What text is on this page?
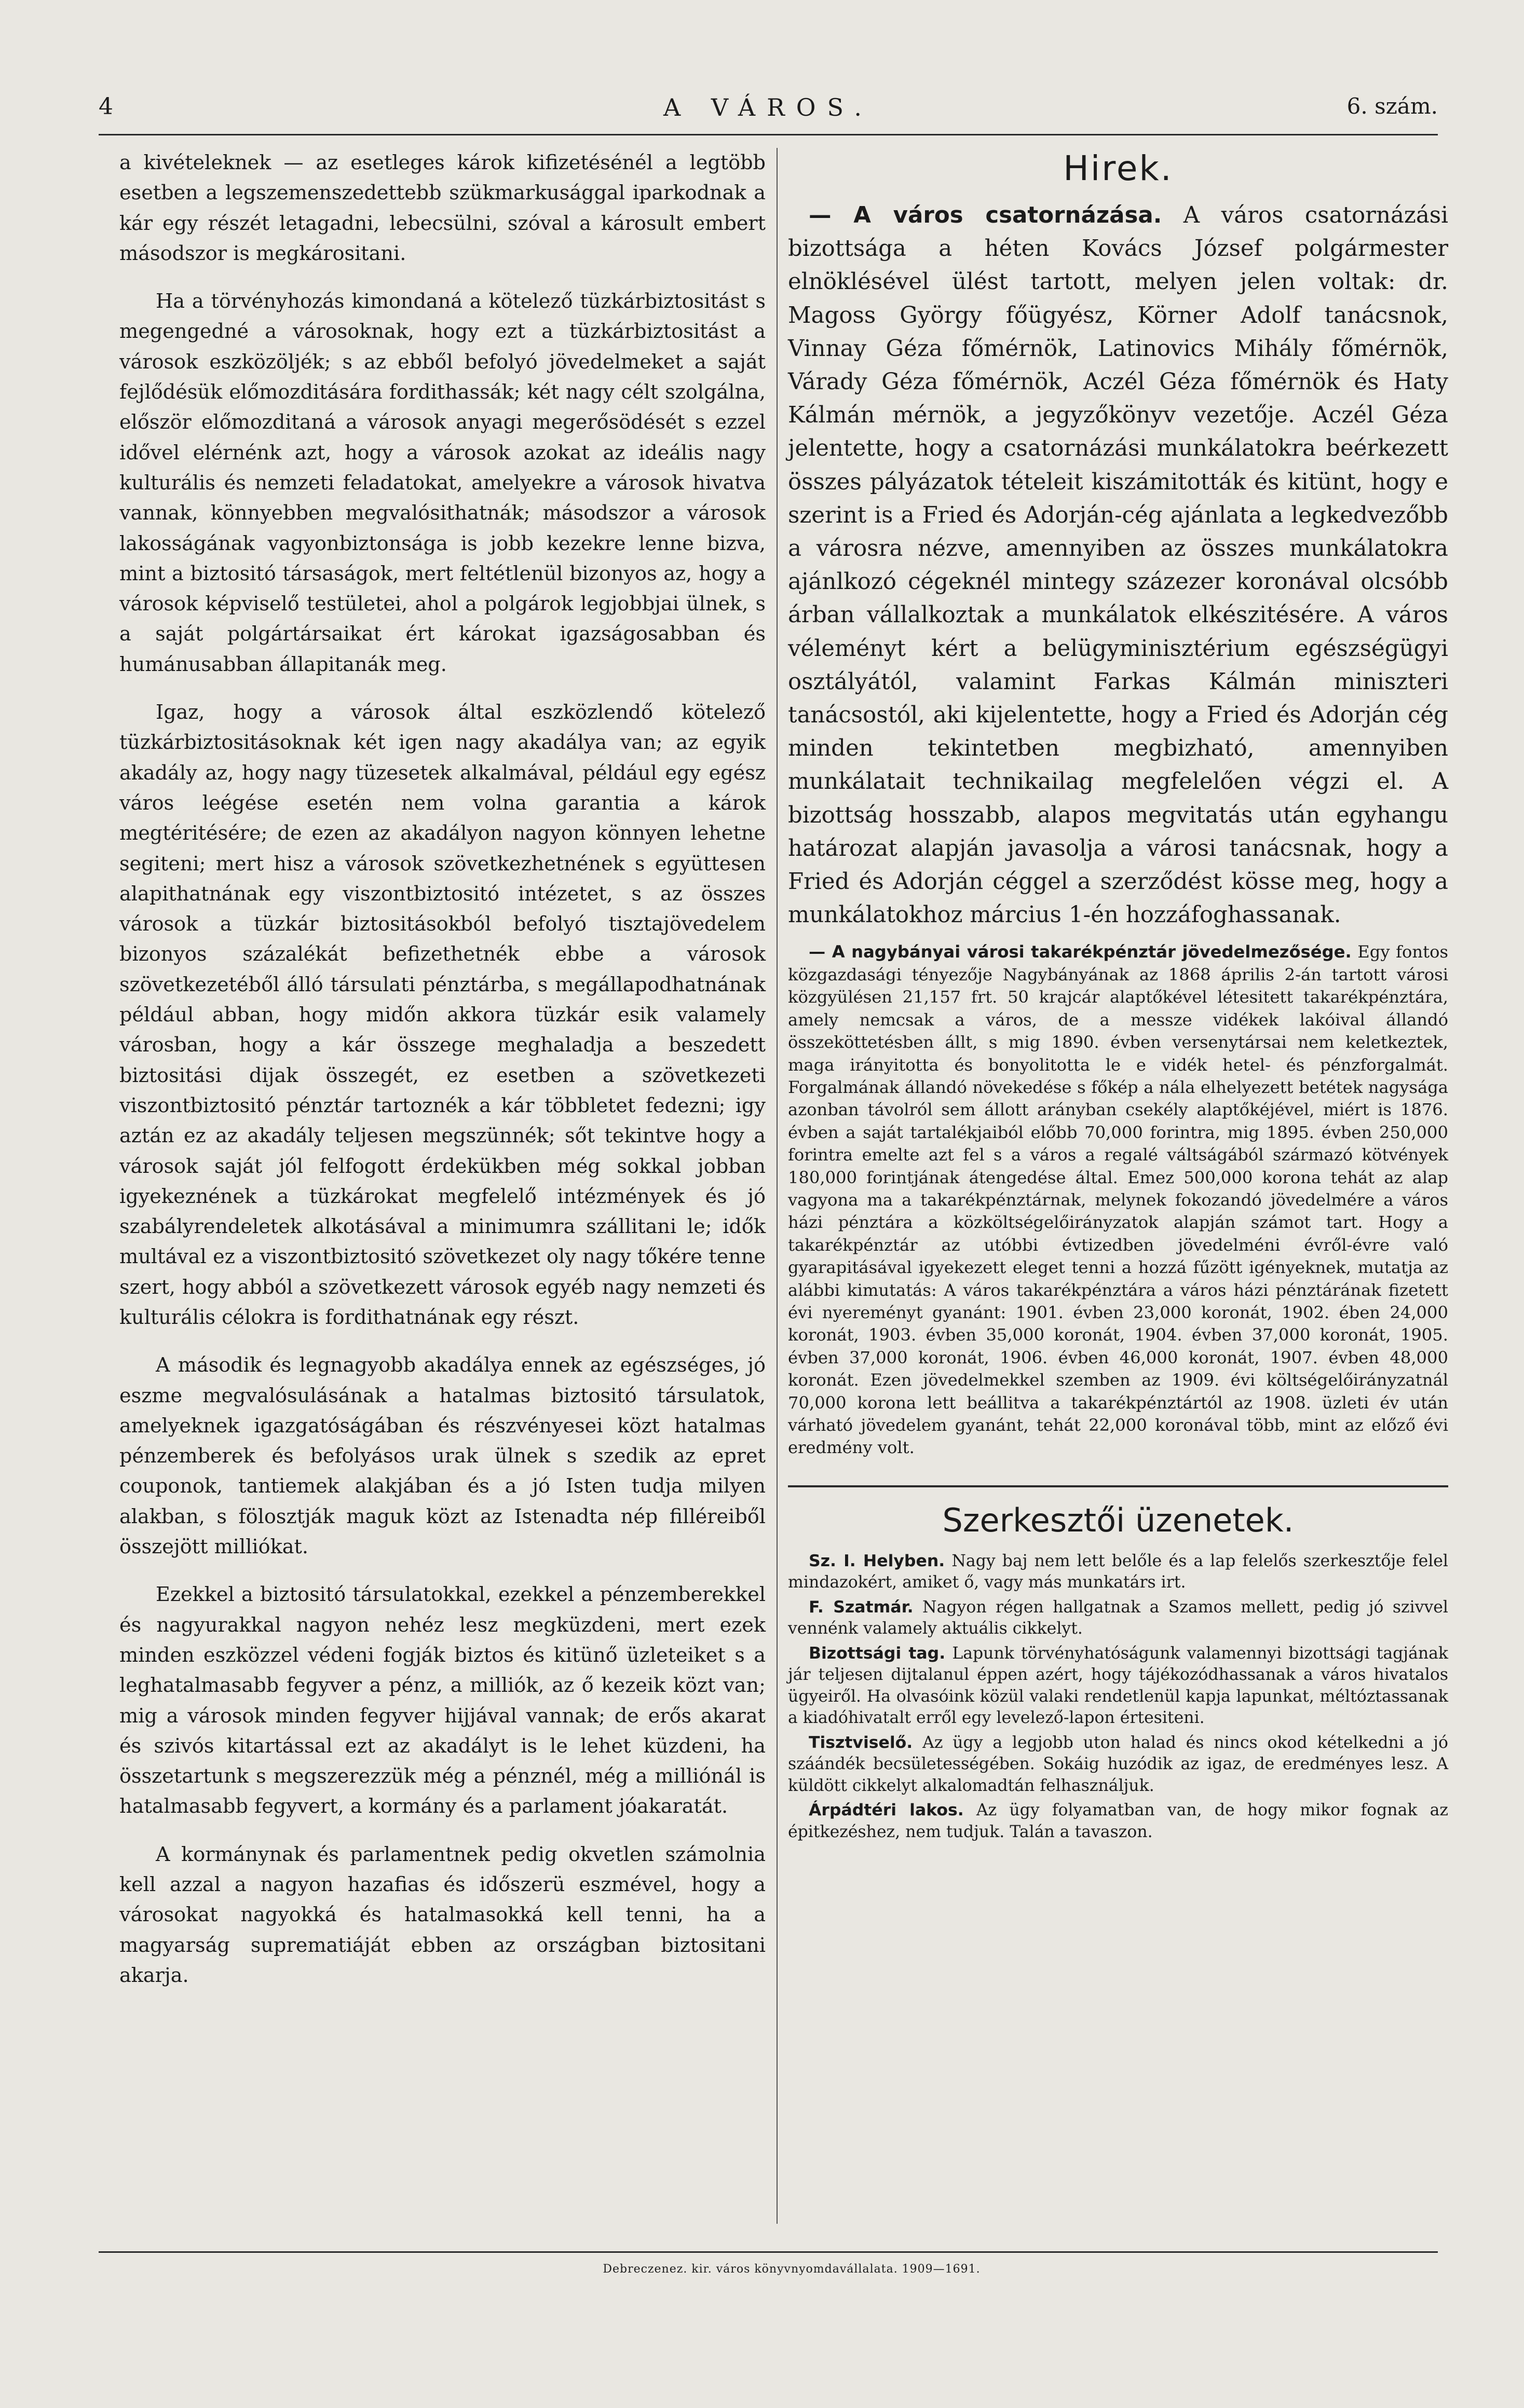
4	A VÁROS.	6. szám.

a kivételeknek — az esetleges károk kifizetésénél a legtöbb esetben a legszemenszedettebb szükmarkusággal iparkodnak a kár egy részét letagadni, lebecsülni, szóval a károsult embert másodszor is megkárositani.

Ha a törvényhozás kimondaná a kötelező tüzkárbiztositást s megengedné a városoknak, hogy ezt a tüzkárbiztositást a városok eszközöljék; s az ebből befolyó jövedelmeket a saját fejlődésük előmozditására fordithassák; két nagy célt szolgálna, először előmozditaná a városok anyagi megerősödését s ezzel idővel elérnénk azt, hogy a városok azokat az ideális nagy kulturális és nemzeti feladatokat, amelyekre a városok hivatva vannak, könnyebben megvalósithatnák; másodszor a városok lakosságának vagyonbiztonsága is jobb kezekre lenne bizva, mint a biztositó társaságok, mert feltétlenül bizonyos az, hogy a városok képviselő testületei, ahol a polgárok legjobbjai ülnek, s a saját polgártársaikat ért károkat igazságosabban és humánusabban állapitanák meg.

Igaz, hogy a városok által eszközlendő kötelező tüzkárbiztositásoknak két igen nagy akadálya van; az egyik akadály az, hogy nagy tüzesetek alkalmával, például egy egész város leégése esetén nem volna garantia a károk megtéritésére; de ezen az akadályon nagyon könnyen lehetne segiteni; mert hisz a városok szövetkezhetnének s együttesen alapithatnának egy viszontbiztositó intézetet, s az összes városok a tüzkár biztositásokból befolyó tisztajövedelem bizonyos százalékát befizethetnék ebbe a városok szövetkezetéből álló társulati pénztárba, s megállapodhatnának például abban, hogy midőn akkora tüzkár esik valamely városban, hogy a kár összege meghaladja a beszedett biztositási dijak összegét, ez esetben a szövetkezeti viszontbiztositó pénztár tartoznék a kár többletet fedezni; igy aztán ez az akadály teljesen megszünnék; sőt tekintve hogy a városok saját jól felfogott érdekükben még sokkal jobban igyekeznének a tüzkárokat megfelelő intézmények és jó szabályrendeletek alkotásával a minimumra szállitani le; idők multával ez a viszontbiztositó szövetkezet oly nagy tőkére tenne szert, hogy abból a szövetkezett városok egyéb nagy nemzeti és kulturális célokra is fordithatnának egy részt.

A második és legnagyobb akadálya ennek az egészséges, jó eszme megvalósulásának a hatalmas biztositó társulatok, amelyeknek igazgatóságában és részvényesei közt hatalmas pénzemberek és befolyásos urak ülnek s szedik az epret couponok, tantiemek alakjában és a jó Isten tudja milyen alakban, s fölosztják maguk közt az Istenadta nép filléreiből összejött milliókat.

Ezekkel a biztositó társulatokkal, ezekkel a pénzemberekkel és nagyurakkal nagyon nehéz lesz megküzdeni, mert ezek minden eszközzel védeni fogják biztos és kitünő üzleteiket s a leghatalmasabb fegyver a pénz, a milliók, az ő kezeik közt van; mig a városok minden fegyver hijjával vannak; de erős akarat és szivós kitartással ezt az akadályt is le lehet küzdeni, ha összetartunk s megszerezzük még a pénznél, még a milliónál is hatalmasabb fegyvert, a kormány és a parlament jóakaratát.

A kormánynak és parlamentnek pedig okvetlen számolnia kell azzal a nagyon hazafias és időszerü eszmével, hogy a városokat nagyokká és hatalmasokká kell tenni, ha a magyarság suprematiáját ebben az országban biztositani akarja.

Hirek.

— A város csatornázása. A város csatornázási bizottsága a héten Kovács József polgármester elnöklésével ülést tartott, melyen jelen voltak: dr. Magoss György főügyész, Körner Adolf tanácsnok, Vinnay Géza főmérnök, Latinovics Mihály főmérnök, Várady Géza főmérnök, Aczél Géza főmérnök és Haty Kálmán mérnök, a jegyzőkönyv vezetője. Aczél Géza jelentette, hogy a csatornázási munkálatokra beérkezett összes pályázatok tételeit kiszámitották és kitünt, hogy e szerint is a Fried és Adorján-cég ajánlata a legkedvezőbb a városra nézve, amennyiben az összes munkálatokra ajánlkozó cégeknél mintegy százezer koronával olcsóbb árban vállalkoztak a munkálatok elkészitésére. A város véleményt kért a belügyminisztérium egészségügyi osztályától, valamint Farkas Kálmán miniszteri tanácsostól, aki kijelentette, hogy a Fried és Adorján cég minden tekintetben megbizható, amennyiben munkálatait technikailag megfelelően végzi el. A bizottság hosszabb, alapos megvitatás után egyhangu határozat alapján javasolja a városi tanácsnak, hogy a Fried és Adorján céggel a szerződést kösse meg, hogy a munkálatokhoz március 1-én hozzáfoghassanak.

— A nagybányai városi takarékpénztár jövedelmezősége. Egy fontos közgazdasági tényezője Nagybányának az 1868 április 2-án tartott városi közgyülésen 21,157 frt. 50 krajcár alaptőkével létesitett takarékpénztára, amely nemcsak a város, de a messze vidékek lakóival állandó összeköttetésben állt, s mig 1890. évben versenytársai nem keletkeztek, maga irányitotta és bonyolitotta le e vidék hetel- és pénzforgalmát. Forgalmának állandó növekedése s főkép a nála elhelyezett betétek nagysága azonban távolról sem állott arányban csekély alaptőkéjével, miért is 1876. évben a saját tartalékjaiból előbb 70,000 forintra, mig 1895. évben 250,000 forintra emelte azt fel s a város a regalé váltságából származó kötvények 180,000 forintjának átengedése által. Emez 500,000 korona tehát az alap vagyona ma a takarékpénztárnak, melynek fokozandó jövedelmére a város házi pénztára a közköltségelőirányzatok alapján számot tart. Hogy a takarékpénztár az utóbbi évtizedben jövedelméni évről-évre való gyarapitásával igyekezett eleget tenni a hozzá fűzött igényeknek, mutatja az alábbi kimutatás: A város takarékpénztára a város házi pénztárának fizetett évi nyereményt gyanánt: 1901. évben 23,000 koronát, 1902. ében 24,000 koronát, 1903. évben 35,000 koronát, 1904. évben 37,000 koronát, 1905. évben 37,000 koronát, 1906. évben 46,000 koronát, 1907. évben 48,000 koronát. Ezen jövedelmekkel szemben az 1909. évi költségelőirányzatnál 70,000 korona lett beállitva a takarékpénztártól az 1908. üzleti év után várható jövedelem gyanánt, tehát 22,000 koronával több, mint az előző évi eredmény volt.

Szerkesztői üzenetek.

Sz. I. Helyben. Nagy baj nem lett belőle és a lap felelős szerkesztője felel mindazokért, amiket ő, vagy más munkatárs irt.

F. Szatmár. Nagyon régen hallgatnak a Szamos mellett, pedig jó szivvel vennénk valamely aktuális cikkelyt.

Bizottsági tag. Lapunk törvényhatóságunk valamennyi bizottsági tagjának jár teljesen dijtalanul éppen azért, hogy tájékozódhassanak a város hivatalos ügyeiről. Ha olvasóink közül valaki rendetlenül kapja lapunkat, méltóztassanak a kiadóhivatalt erről egy levelező-lapon értesiteni.

Tisztviselő. Az ügy a legjobb uton halad és nincs okod kételkedni a jó száándék becsületességében. Sokáig huzódik az igaz, de eredményes lesz. A küldött cikkelyt alkalomadtán felhasználjuk.

Árpádtéri lakos. Az ügy folyamatban van, de hogy mikor fognak az épitkezéshez, nem tudjuk. Talán a tavaszon.

Debreczenez. kir. város könyvnyomdavállalata. 1909—1691.
